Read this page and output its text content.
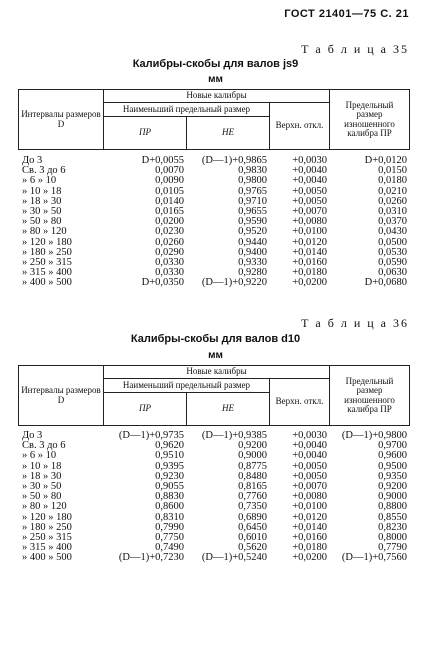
ГОСТ 21401—75 С. 21
Т а б л и ц а 35
Калибры-скобы для валов js9
мм
Интервалы размеров D	Новые калибры			Предельный размер изношенного калибра ПР
	Наименьший предельный размер		Верхн. откл.	
	ПР	НЕ		
До 3	D+0,0055	(D—1)+0,9865	+0,0030	D+0,0120
Св. 3 до 6	0,0070	0,9830	+0,0040	0,0150
» 6 » 10	0,0090	0,9800	+0,0040	0,0180
» 10 » 18	0,0105	0,9765	+0,0050	0,0210
» 18 » 30	0,0140	0,9710	+0,0050	0,0260
» 30 » 50	0,0165	0,9655	+0,0070	0,0310
» 50 » 80	0,0200	0,9590	+0,0080	0,0370
» 80 » 120	0,0230	0,9520	+0,0100	0,0430
» 120 » 180	0,0260	0,9440	+0,0120	0,0500
» 180 » 250	0,0290	0,9400	+0,0140	0,0530
» 250 » 315	0,0330	0,9330	+0,0160	0,0590
» 315 » 400	0,0330	0,9280	+0,0180	0,0630
» 400 » 500	D+0,0350	(D—1)+0,9220	+0,0200	D+0,0680
Т а б л и ц а 36
Калибры-скобы для валов d10
мм
Интервалы размеров D	Новые калибры			Предельный размер изношенного калибра ПР
	Наименьший предельный размер		Верхн. откл.	
	ПР	НЕ		
До 3	(D—1)+0,9735	(D—1)+0,9385	+0,0030	(D—1)+0,9800
Св. 3 до 6	0,9620	0,9200	+0,0040	0,9700
» 6 » 10	0,9510	0,9000	+0,0040	0,9600
» 10 » 18	0,9395	0,8775	+0,0050	0,9500
» 18 » 30	0,9230	0,8480	+0,0050	0,9350
» 30 » 50	0,9055	0,8165	+0,0070	0,9200
» 50 » 80	0,8830	0,7760	+0,0080	0,9000
» 80 » 120	0,8600	0,7350	+0,0100	0,8800
» 120 » 180	0,8310	0,6890	+0,0120	0,8550
» 180 » 250	0,7990	0,6450	+0,0140	0,8230
» 250 » 315	0,7750	0,6010	+0,0160	0,8000
» 315 » 400	0,7490	0,5620	+0,0180	0,7790
» 400 » 500	(D—1)+0,7230	(D—1)+0,5240	+0,0200	(D—1)+0,7560
